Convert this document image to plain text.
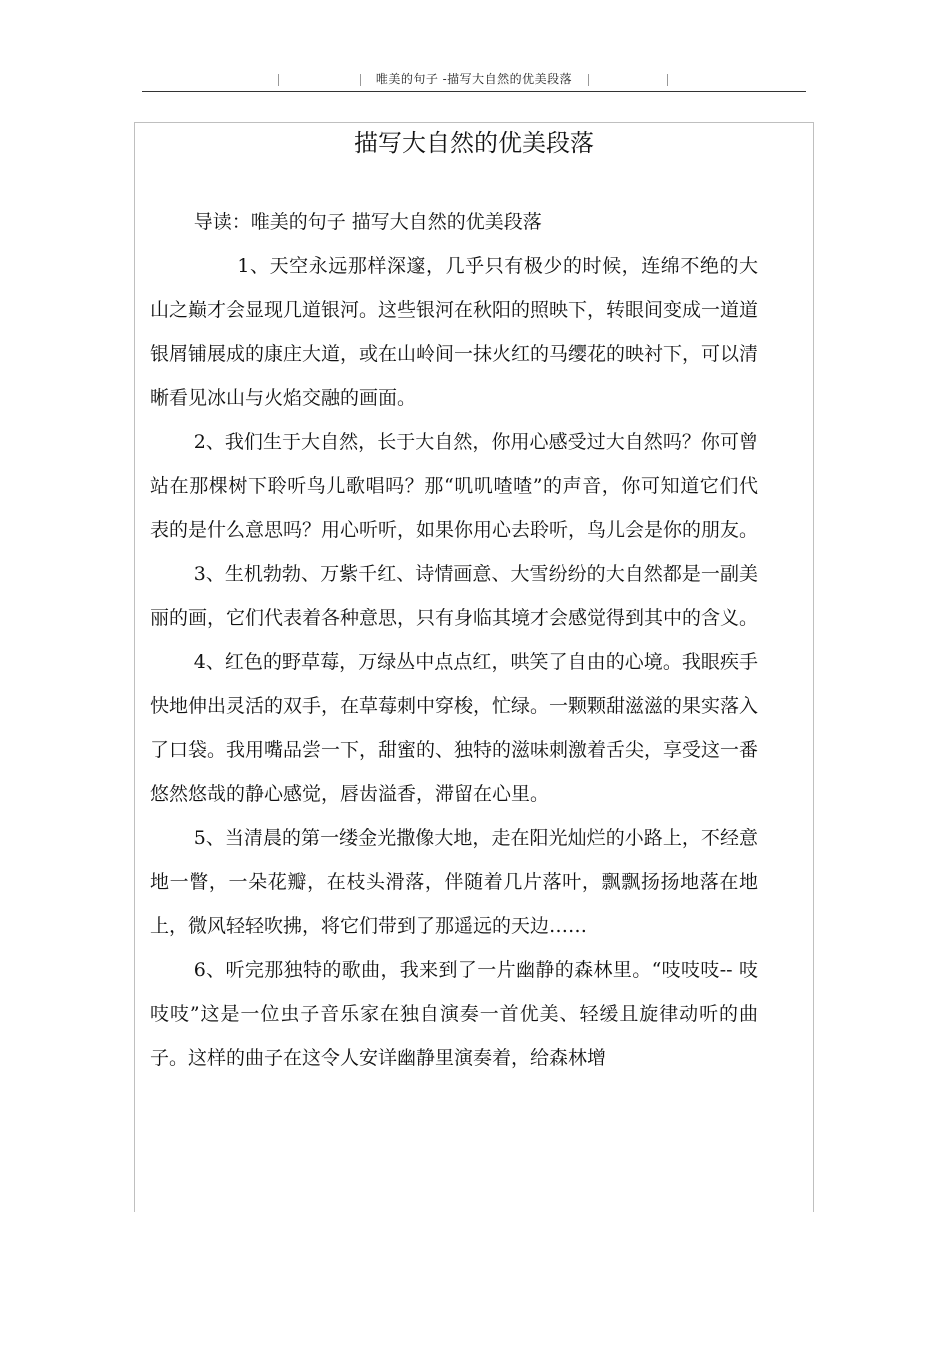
唯美的句子 -描写大自然的优美段落
描写大自然的优美段落

导读：唯美的句子 描写大自然的优美段落

1、天空永远那样深邃，几乎只有极少的时候，连绵不绝的大山之巅才会显现几道银河。这些银河在秋阳的照映下，转眼间变成一道道银屑铺展成的康庄大道，或在山岭间一抹火红的马缨花的映衬下，可以清晰看见冰山与火焰交融的画面。

2、我们生于大自然，长于大自然，你用心感受过大自然吗？你可曾站在那棵树下聆听鸟儿歌唱吗？那“叽叽喳喳”的声音，你可知道它们代表的是什么意思吗？用心听听，如果你用心去聆听，鸟儿会是你的朋友。

3、生机勃勃、万紫千红、诗情画意、大雪纷纷的大自然都是一副美丽的画，它们代表着各种意思，只有身临其境才会感觉得到其中的含义。

4、红色的野草莓，万绿丛中点点红，哄笑了自由的心境。我眼疾手快地伸出灵活的双手，在草莓刺中穿梭，忙绿。一颗颗甜滋滋的果实落入了口袋。我用嘴品尝一下，甜蜜的、独特的滋味刺激着舌尖，享受这一番悠然悠哉的静心感觉，唇齿溢香，滞留在心里。

5、当清晨的第一缕金光撒像大地，走在阳光灿烂的小路上，不经意地一瞥，一朵花瓣，在枝头滑落，伴随着几片落叶，飘飘扬扬地落在地上，微风轻轻吹拂，将它们带到了那遥远的天边……

6、听完那独特的歌曲，我来到了一片幽静的森林里。“吱吱吱-- 吱吱吱”这是一位虫子音乐家在独自演奏一首优美、轻缓且旋律动听的曲子。这样的曲子在这令人安详幽静里演奏着，给森林增
